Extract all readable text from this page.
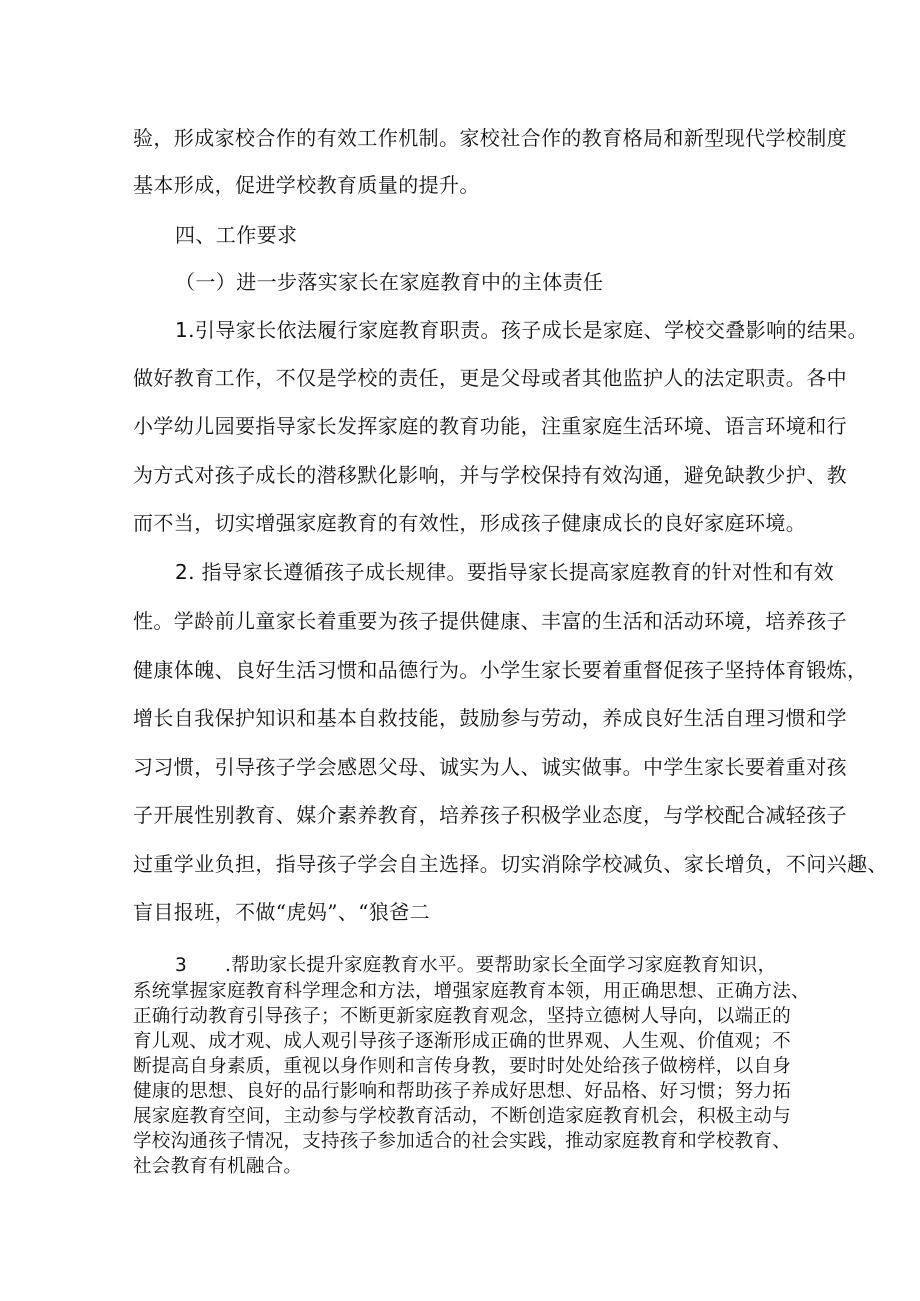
验，形成家校合作的有效工作机制。家校社合作的教育格局和新型现代学校制度
基本形成，促进学校教育质量的提升。
四、工作要求
（一）进一步落实家长在家庭教育中的主体责任
1.引导家长依法履行家庭教育职责。孩子成长是家庭、学校交叠影响的结果。
做好教育工作，不仅是学校的责任，更是父母或者其他监护人的法定职责。各中
小学幼儿园要指导家长发挥家庭的教育功能，注重家庭生活环境、语言环境和行
为方式对孩子成长的潜移默化影响，并与学校保持有效沟通，避免缺教少护、教
而不当，切实增强家庭教育的有效性，形成孩子健康成长的良好家庭环境。
2. 指导家长遵循孩子成长规律。要指导家长提高家庭教育的针对性和有效
性。学龄前儿童家长着重要为孩子提供健康、丰富的生活和活动环境，培养孩子
健康体魄、良好生活习惯和品德行为。小学生家长要着重督促孩子坚持体育锻炼，
增长自我保护知识和基本自救技能，鼓励参与劳动，养成良好生活自理习惯和学
习习惯，引导孩子学会感恩父母、诚实为人、诚实做事。中学生家长要着重对孩
子开展性别教育、媒介素养教育，培养孩子积极学业态度，与学校配合减轻孩子
过重学业负担，指导孩子学会自主选择。切实消除学校减负、家长增负，不问兴趣、
盲目报班，不做“虎妈”、“狼爸二
3 .帮助家长提升家庭教育水平。要帮助家长全面学习家庭教育知识，
系统掌握家庭教育科学理念和方法，增强家庭教育本领，用正确思想、正确方法、
正确行动教育引导孩子；不断更新家庭教育观念，坚持立德树人导向，以端正的
育儿观、成才观、成人观引导孩子逐渐形成正确的世界观、人生观、价值观；不
断提高自身素质，重视以身作则和言传身教，要时时处处给孩子做榜样，以自身
健康的思想、良好的品行影响和帮助孩子养成好思想、好品格、好习惯；努力拓
展家庭教育空间，主动参与学校教育活动，不断创造家庭教育机会，积极主动与
学校沟通孩子情况，支持孩子参加适合的社会实践，推动家庭教育和学校教育、
社会教育有机融合。
